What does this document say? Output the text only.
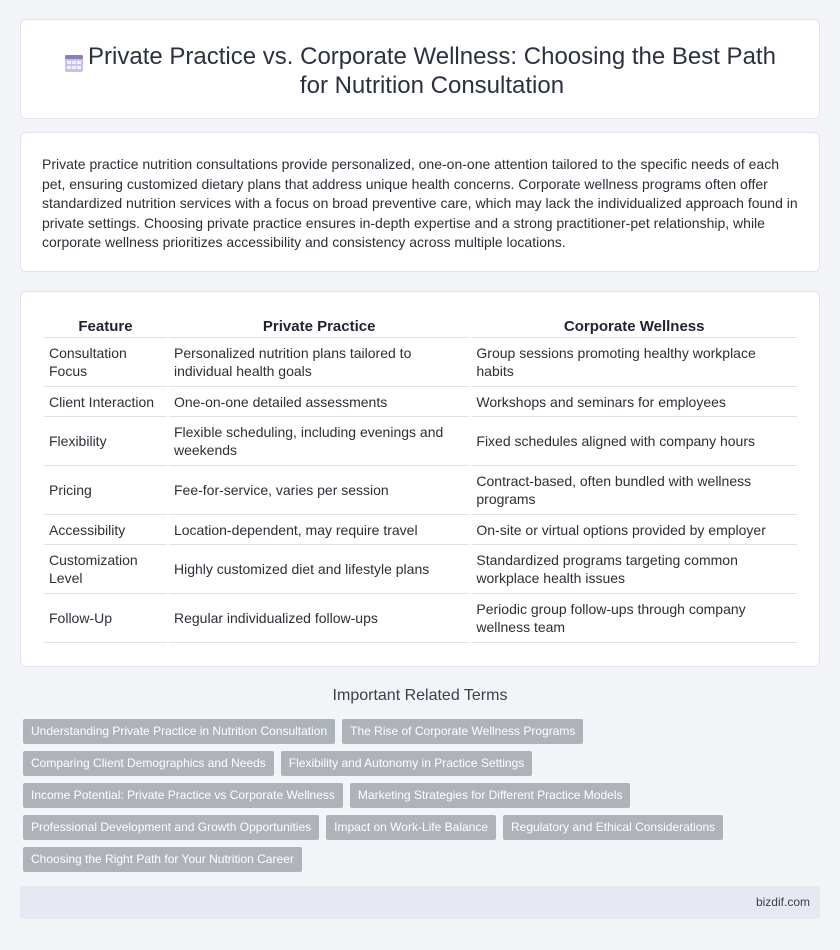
Private Practice vs. Corporate Wellness: Choosing the Best Path for Nutrition Consultation

Private practice nutrition consultations provide personalized, one-on-one attention tailored to the specific needs of each pet, ensuring customized dietary plans that address unique health concerns. Corporate wellness programs often offer standardized nutrition services with a focus on broad preventive care, which may lack the individualized approach found in private settings. Choosing private practice ensures in-depth expertise and a strong practitioner-pet relationship, while corporate wellness prioritizes accessibility and consistency across multiple locations.

Feature	Private Practice	Corporate Wellness
Consultation Focus	Personalized nutrition plans tailored to individual health goals	Group sessions promoting healthy workplace habits
Client Interaction	One-on-one detailed assessments	Workshops and seminars for employees
Flexibility	Flexible scheduling, including evenings and weekends	Fixed schedules aligned with company hours
Pricing	Fee-for-service, varies per session	Contract-based, often bundled with wellness programs
Accessibility	Location-dependent, may require travel	On-site or virtual options provided by employer
Customization Level	Highly customized diet and lifestyle plans	Standardized programs targeting common workplace health issues
Follow-Up	Regular individualized follow-ups	Periodic group follow-ups through company wellness team
Important Related Terms
Understanding Private Practice in Nutrition Consultation	The Rise of Corporate Wellness Programs
Comparing Client Demographics and Needs	Flexibility and Autonomy in Practice Settings
Income Potential: Private Practice vs Corporate Wellness	Marketing Strategies for Different Practice Models
Professional Development and Growth Opportunities	Impact on Work-Life Balance	Regulatory and Ethical Considerations
Choosing the Right Path for Your Nutrition Career
bizdif.com
